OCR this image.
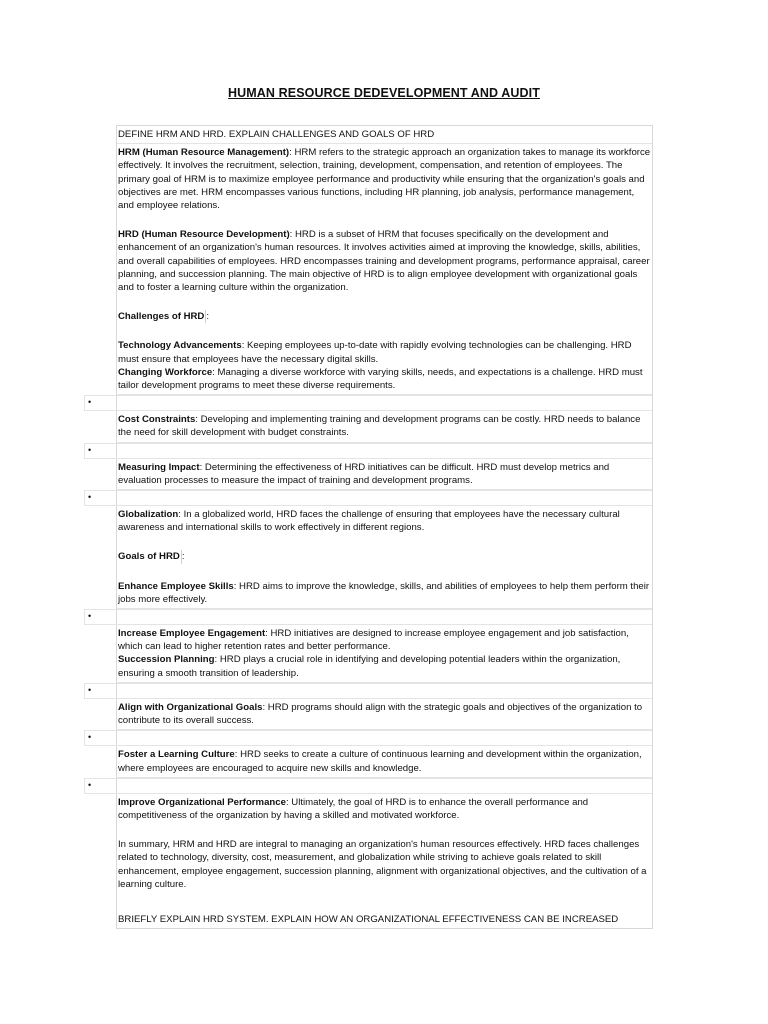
HUMAN RESOURCE DEDEVELOPMENT AND AUDIT

DEFINE HRM AND HRD. EXPLAIN CHALLENGES AND GOALS OF HRD

HRM (Human Resource Management): HRM refers to the strategic approach an organization takes to manage its workforce effectively. It involves the recruitment, selection, training, development, compensation, and retention of employees. The primary goal of HRM is to maximize employee performance and productivity while ensuring that the organization's goals and objectives are met. HRM encompasses various functions, including HR planning, job analysis, performance management, and employee relations.

HRD (Human Resource Development): HRD is a subset of HRM that focuses specifically on the development and enhancement of an organization's human resources. It involves activities aimed at improving the knowledge, skills, abilities, and overall capabilities of employees. HRD encompasses training and development programs, performance appraisal, career planning, and succession planning. The main objective of HRD is to align employee development with organizational goals and to foster a learning culture within the organization.

Challenges of HRD :

Technology Advancements: Keeping employees up-to-date with rapidly evolving technologies can be challenging. HRD must ensure that employees have the necessary digital skills.

Changing Workforce: Managing a diverse workforce with varying skills, needs, and expectations is a challenge. HRD must tailor development programs to meet these diverse requirements.

•

Cost Constraints: Developing and implementing training and development programs can be costly. HRD needs to balance the need for skill development with budget constraints.

•

Measuring Impact: Determining the effectiveness of HRD initiatives can be difficult. HRD must develop metrics and evaluation processes to measure the impact of training and development programs.

•

Globalization: In a globalized world, HRD faces the challenge of ensuring that employees have the necessary cultural awareness and international skills to work effectively in different regions.

Goals of HRD :

Enhance Employee Skills: HRD aims to improve the knowledge, skills, and abilities of employees to help them perform their jobs more effectively.

•

Increase Employee Engagement: HRD initiatives are designed to increase employee engagement and job satisfaction, which can lead to higher retention rates and better performance.

Succession Planning: HRD plays a crucial role in identifying and developing potential leaders within the organization, ensuring a smooth transition of leadership.

•

Align with Organizational Goals: HRD programs should align with the strategic goals and objectives of the organization to contribute to its overall success.

•

Foster a Learning Culture: HRD seeks to create a culture of continuous learning and development within the organization, where employees are encouraged to acquire new skills and knowledge.

•

Improve Organizational Performance: Ultimately, the goal of HRD is to enhance the overall performance and competitiveness of the organization by having a skilled and motivated workforce.

In summary, HRM and HRD are integral to managing an organization's human resources effectively. HRD faces challenges related to technology, diversity, cost, measurement, and globalization while striving to achieve goals related to skill enhancement, employee engagement, succession planning, alignment with organizational objectives, and the cultivation of a learning culture.

BRIEFLY EXPLAIN HRD SYSTEM. EXPLAIN HOW AN ORGANIZATIONAL EFFECTIVENESS CAN BE INCREASED
